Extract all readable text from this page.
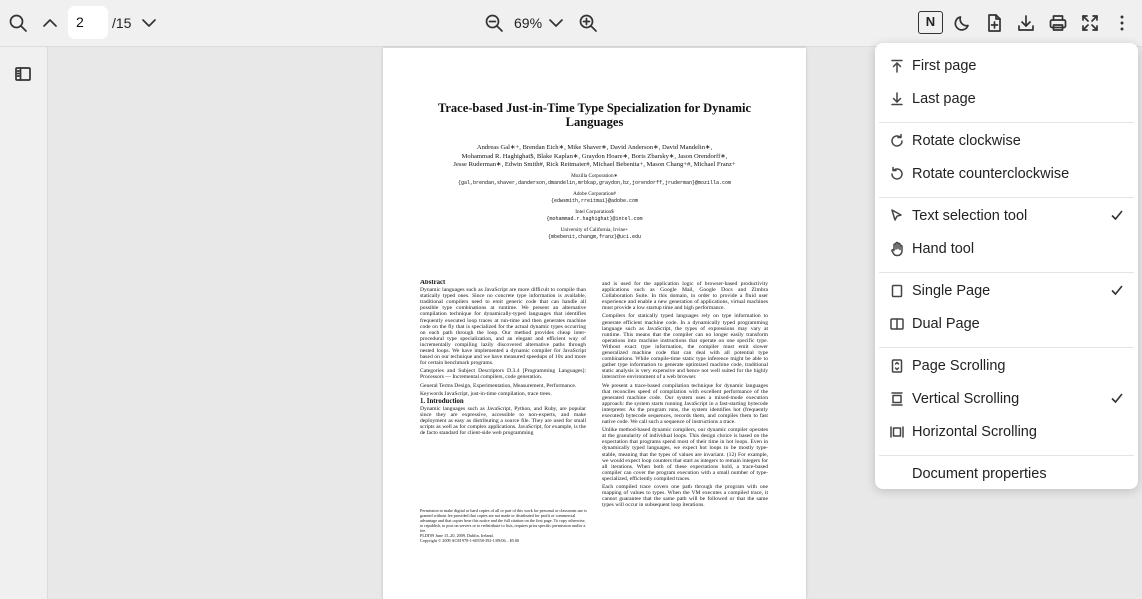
2	/15	69%	N
Trace-based Just-in-Time Type Specialization for Dynamic Languages
Andreas Gal∗+, Brendan Eich∗, Mike Shaver∗, David Anderson∗, David Mandelin∗,
Mohammad R. Haghighat$, Blake Kaplan∗, Graydon Hoare∗, Boris Zbarsky∗, Jason Orendorff∗,
Jesse Ruderman∗, Edwin Smith#, Rick Reitmaier#, Michael Bebenita+, Mason Chang+#, Michael Franz+
Mozilla Corporation∗
{gal,brendan,shaver,danderson,dmandelin,mrbkap,graydon,bz,jorendorff,jruderman}@mozilla.com
Adobe Corporation#
{edwsmith,rreitmai}@adobe.com
Intel Corporation$
{mohammad.r.haghighat}@intel.com
University of California, Irvine+
{mbebenit,changm,franz}@uci.edu
Abstract

Dynamic languages such as JavaScript are more difficult to compile than statically typed ones. Since no concrete type information is available, traditional compilers need to emit generic code that can handle all possible type combinations at runtime. We present an alternative compilation technique for dynamically-typed languages that identifies frequently executed loop traces at run-time and then generates machine code on the fly that is specialized for the actual dynamic types occurring on each path through the loop. Our method provides cheap inter-procedural type specialization, and an elegant and efficient way of incrementally compiling lazily discovered alternative paths through nested loops. We have implemented a dynamic compiler for JavaScript based on our technique and we have measured speedups of 10x and more for certain benchmark programs.

Categories and Subject Descriptors D.3.4 [Programming Languages]: Processors — Incremental compilers, code generation.

General Terms Design, Experimentation, Measurement, Performance.

Keywords JavaScript, just-in-time compilation, trace trees.

1. Introduction

Dynamic languages such as JavaScript, Python, and Ruby, are popular since they are expressive, accessible to non-experts, and make deployment as easy as distributing a source file. They are used for small scripts as well as for complex applications. JavaScript, for example, is the de facto standard for client-side web programming

Permission to make digital or hard copies of all or part of this work for personal or classroom use is granted without fee provided that copies are not made or distributed for profit or commercial advantage and that copies bear this notice and the full citation on the first page. To copy otherwise, to republish, to post on servers or to redistribute to lists, requires prior specific permission and/or a fee.
PLDI'09 June 15–20, 2009, Dublin, Ireland.
Copyright © 2009 ACM 978-1-60558-392-1/09/06... $5.00

and is used for the application logic of browser-based productivity applications such as Google Mail, Google Docs and Zimbra Collaboration Suite. In this domain, in order to provide a fluid user experience and enable a new generation of applications, virtual machines must provide a low startup time and high performance.

Compilers for statically typed languages rely on type information to generate efficient machine code. In a dynamically typed programming language such as JavaScript, the types of expressions may vary at runtime. This means that the compiler can no longer easily transform operations into machine instructions that operate on one specific type. Without exact type information, the compiler must emit slower generalized machine code that can deal with all potential type combinations. While compile-time static type inference might be able to gather type information to generate optimized machine code, traditional static analysis is very expensive and hence not well suited for the highly interactive environment of a web browser.

We present a trace-based compilation technique for dynamic languages that reconciles speed of compilation with excellent performance of the generated machine code. Our system uses a mixed-mode execution approach: the system starts running JavaScript in a fast-starting bytecode interpreter. As the program runs, the system identifies hot (frequently executed) bytecode sequences, records them, and compiles them to fast native code. We call such a sequence of instructions a trace.

Unlike method-based dynamic compilers, our dynamic compiler operates at the granularity of individual loops. This design choice is based on the expectation that programs spend most of their time in hot loops. Even in dynamically typed languages, we expect hot loops to be mostly type-stable, meaning that the types of values are invariant. (12) For example, we would expect loop counters that start as integers to remain integers for all iterations. When both of these expectations hold, a trace-based compiler can cover the program execution with a small number of type-specialized, efficiently compiled traces.

Each compiled trace covers one path through the program with one mapping of values to types. When the VM executes a compiled trace, it cannot guarantee that the same path will be followed or that the same types will occur in subsequent loop iterations.

First page
Last page
Rotate clockwise
Rotate counterclockwise
Text selection tool
Hand tool
Single Page
Dual Page
Page Scrolling
Vertical Scrolling
Horizontal Scrolling
Document properties
